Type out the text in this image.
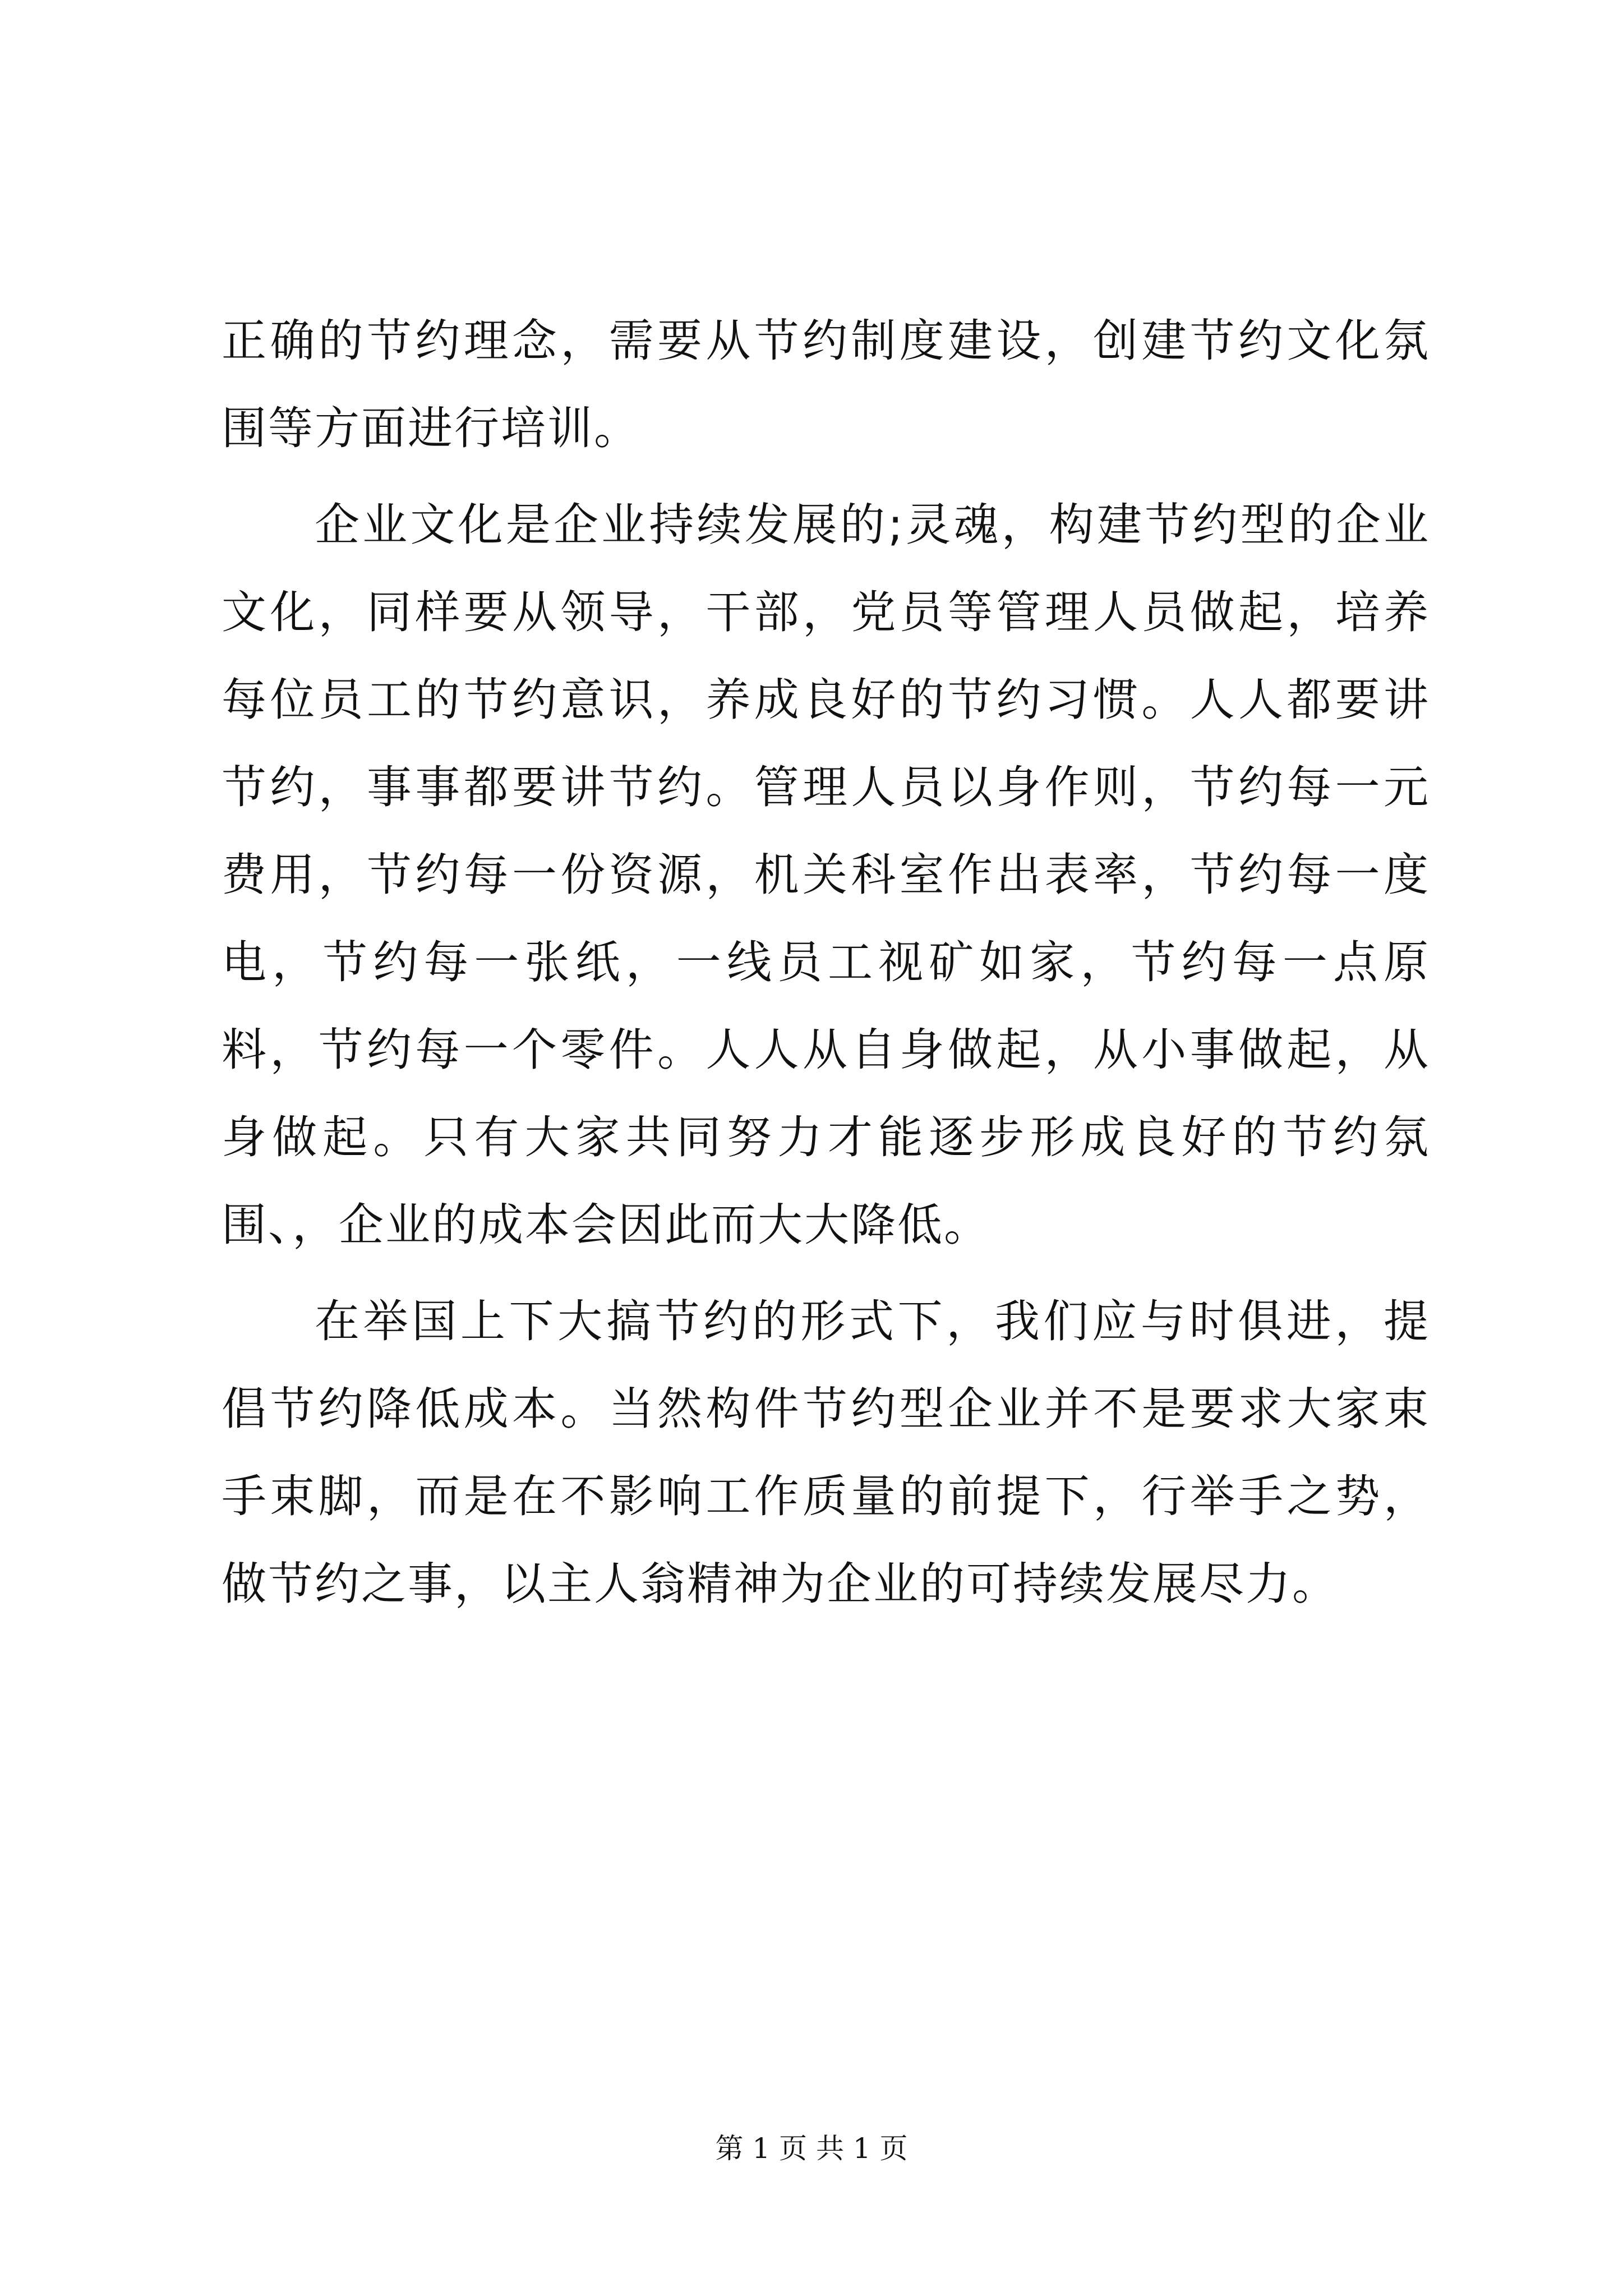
正确的节约理念，需要从节约制度建设，创建节约文化氛围等方面进行培训。

企业文化是企业持续发展的;灵魂，构建节约型的企业文化，同样要从领导，干部，党员等管理人员做起，培养每位员工的节约意识，养成良好的节约习惯。人人都要讲节约，事事都要讲节约。管理人员以身作则，节约每一元费用，节约每一份资源，机关科室作出表率，节约每一度电，节约每一张纸，一线员工视矿如家，节约每一点原料，节约每一个零件。人人从自身做起，从小事做起，从身做起。只有大家共同努力才能逐步形成良好的节约氛围、，企业的成本会因此而大大降低。

在举国上下大搞节约的形式下，我们应与时俱进，提倡节约降低成本。当然构件节约型企业并不是要求大家束手束脚，而是在不影响工作质量的前提下，行举手之势，做节约之事，以主人翁精神为企业的可持续发展尽力。

第 1 页 共 1 页
